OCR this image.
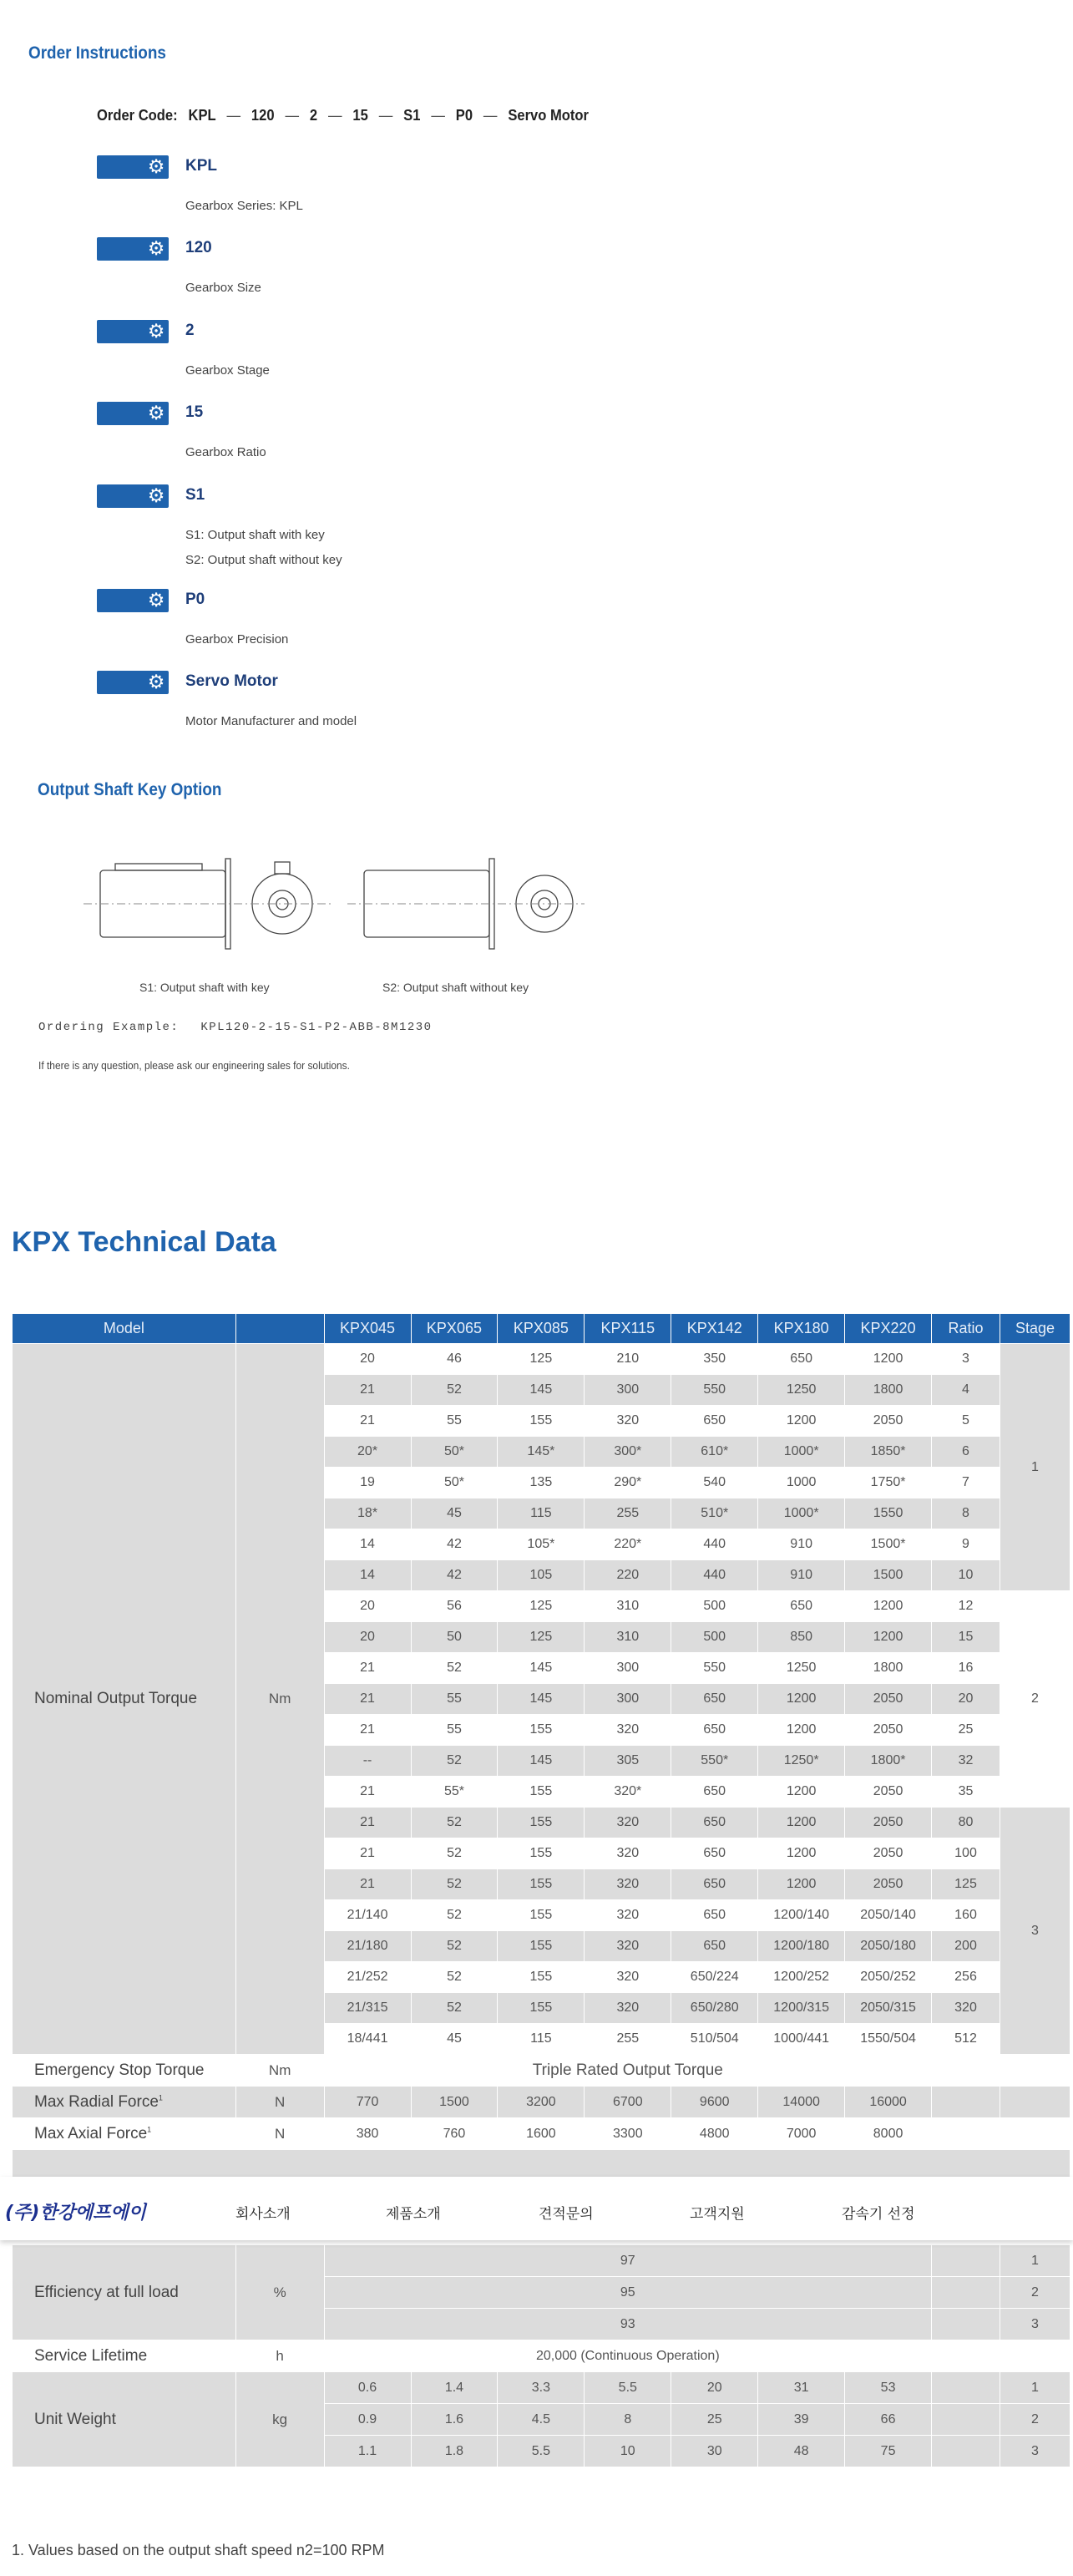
Order Instructions
Order Code: KPL — 120 — 2 — 15 — S1 — P0 — Servo Motor
⚙ KPL
Gearbox Series: KPL
⚙ 120
Gearbox Size
⚙ 2
Gearbox Stage
⚙ 15
Gearbox Ratio
⚙ S1
S1: Output shaft with key
S2: Output shaft without key
⚙ P0
Gearbox Precision
⚙ Servo Motor
Motor Manufacturer and model
Output Shaft Key Option
S1: Output shaft with key	S2: Output shaft without key
Ordering Example: KPL120-2-15-S1-P2-ABB-8M1230
If there is any question, please ask our engineering sales for solutions.
KPX Technical Data
Model		KPX045	KPX065	KPX085	KPX115	KPX142	KPX180	KPX220	Ratio	Stage
Nominal Output Torque	Nm	20	46	125	210	350	650	1200	3	1
		21	52	145	300	550	1250	1800	4	
		21	55	155	320	650	1200	2050	5	
		20*	50*	145*	300*	610*	1000*	1850*	6	
		19	50*	135	290*	540	1000	1750*	7	
		18*	45	115	255	510*	1000*	1550	8	
		14	42	105*	220*	440	910	1500*	9	
		14	42	105	220	440	910	1500	10	
		20	56	125	310	500	650	1200	12	2
		20	50	125	310	500	850	1200	15	
		21	52	145	300	550	1250	1800	16	
		21	55	145	300	650	1200	2050	20	
		21	55	155	320	650	1200	2050	25	
		--	52	145	305	550*	1250*	1800*	32	
		21	55*	155	320*	650	1200	2050	35	
		21	52	155	320	650	1200	2050	80	3
		21	52	155	320	650	1200	2050	100	
		21	52	155	320	650	1200	2050	125	
		21/140	52	155	320	650	1200/140	2050/140	160	
		21/180	52	155	320	650	1200/180	2050/180	200	
		21/252	52	155	320	650/224	1200/252	2050/252	256	
		21/315	52	155	320	650/280	1200/315	2050/315	320	
		18/441	45	115	255	510/504	1000/441	1550/504	512	
Emergency Stop Torque	Nm	Triple Rated Output Torque								
Max Radial Force$^1$	N	770	1500	3200	6700	9600	14000	16000		
Max Axial Force$^1$	N	380	760	1600	3300	4800	7000	8000		

Efficiency at full load	%	97								1
		95								2
		93								3
Service Lifetime	h	20,000 (Continuous Operation)								
Unit Weight	kg	0.6	1.4	3.3	5.5	20	31	53		1
		0.9	1.6	4.5	8	25	39	66		2
		1.1	1.8	5.5	10	30	48	75		3
(주)한강에프에이	회사소개	제품소개	견적문의	고객지원	감속기 선정
1. Values based on the output shaft speed n2=100 RPM
